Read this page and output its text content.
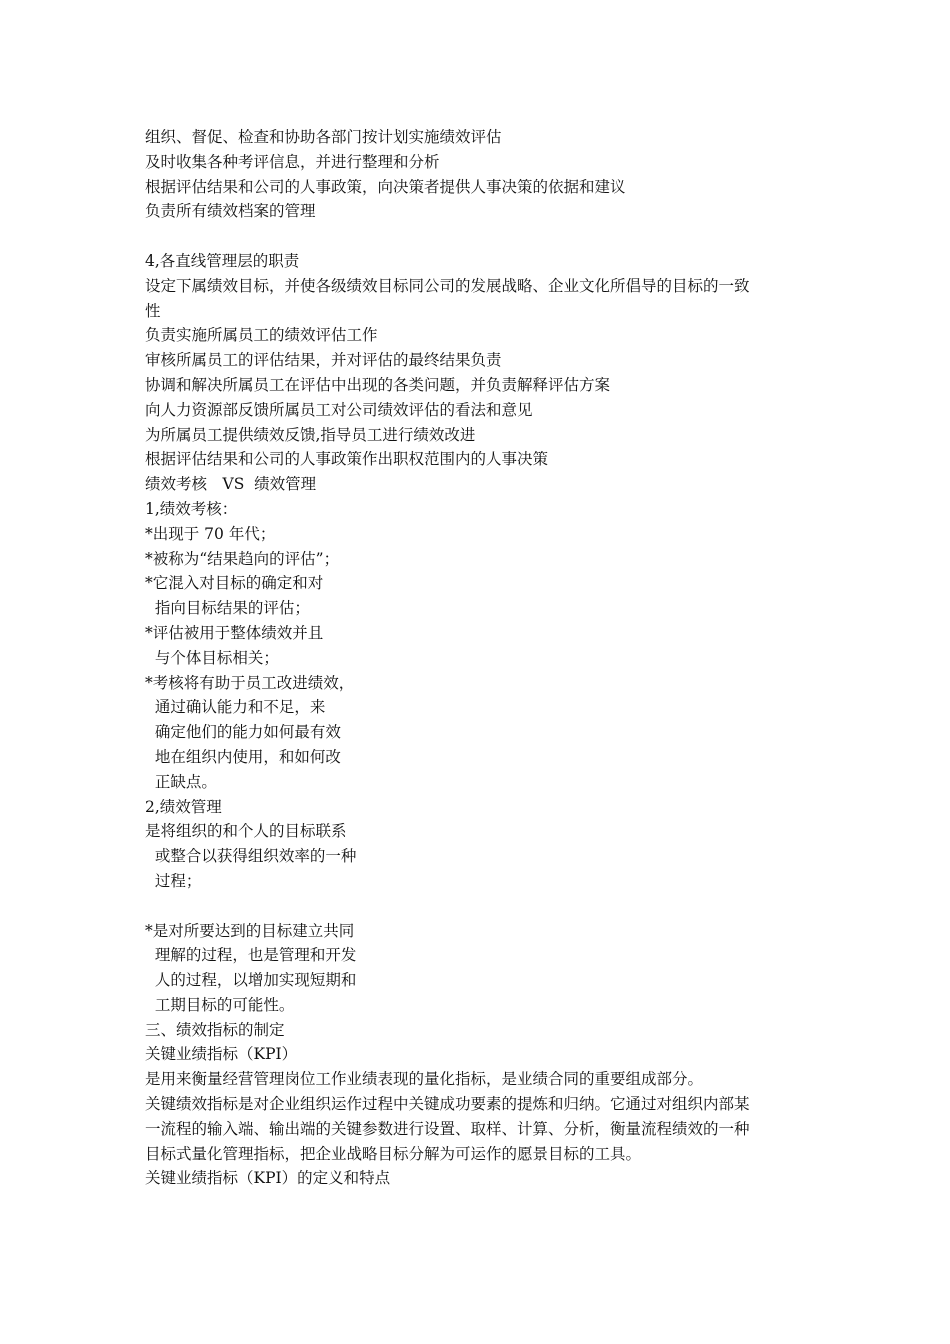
组织、督促、检查和协助各部门按计划实施绩效评估
及时收集各种考评信息，并进行整理和分析
根据评估结果和公司的人事政策，向决策者提供人事决策的依据和建议
负责所有绩效档案的管理
4,各直线管理层的职责
设定下属绩效目标，并使各级绩效目标同公司的发展战略、企业文化所倡导的目标的一致
性
负责实施所属员工的绩效评估工作
审核所属员工的评估结果，并对评估的最终结果负责
协调和解决所属员工在评估中出现的各类问题，并负责解释评估方案
向人力资源部反馈所属员工对公司绩效评估的看法和意见
为所属员工提供绩效反馈,指导员工进行绩效改进
根据评估结果和公司的人事政策作出职权范围内的人事决策
绩效考核　VS  绩效管理
1,绩效考核：
*出现于 70 年代；
*被称为“结果趋向的评估”；
*它混入对目标的确定和对
指向目标结果的评估；
*评估被用于整体绩效并且
与个体目标相关；
*考核将有助于员工改进绩效，
通过确认能力和不足，来
确定他们的能力如何最有效
地在组织内使用，和如何改
正缺点。
2,绩效管理
是将组织的和个人的目标联系
或整合以获得组织效率的一种
过程；
*是对所要达到的目标建立共同
理解的过程，也是管理和开发
人的过程，以增加实现短期和
工期目标的可能性。
三、绩效指标的制定
关键业绩指标（KPI）
是用来衡量经营管理岗位工作业绩表现的量化指标，是业绩合同的重要组成部分。
关键绩效指标是对企业组织运作过程中关键成功要素的提炼和归纳。它通过对组织内部某
一流程的输入端、输出端的关键参数进行设置、取样、计算、分析，衡量流程绩效的一种
目标式量化管理指标，把企业战略目标分解为可运作的愿景目标的工具。
关键业绩指标（KPI）的定义和特点
